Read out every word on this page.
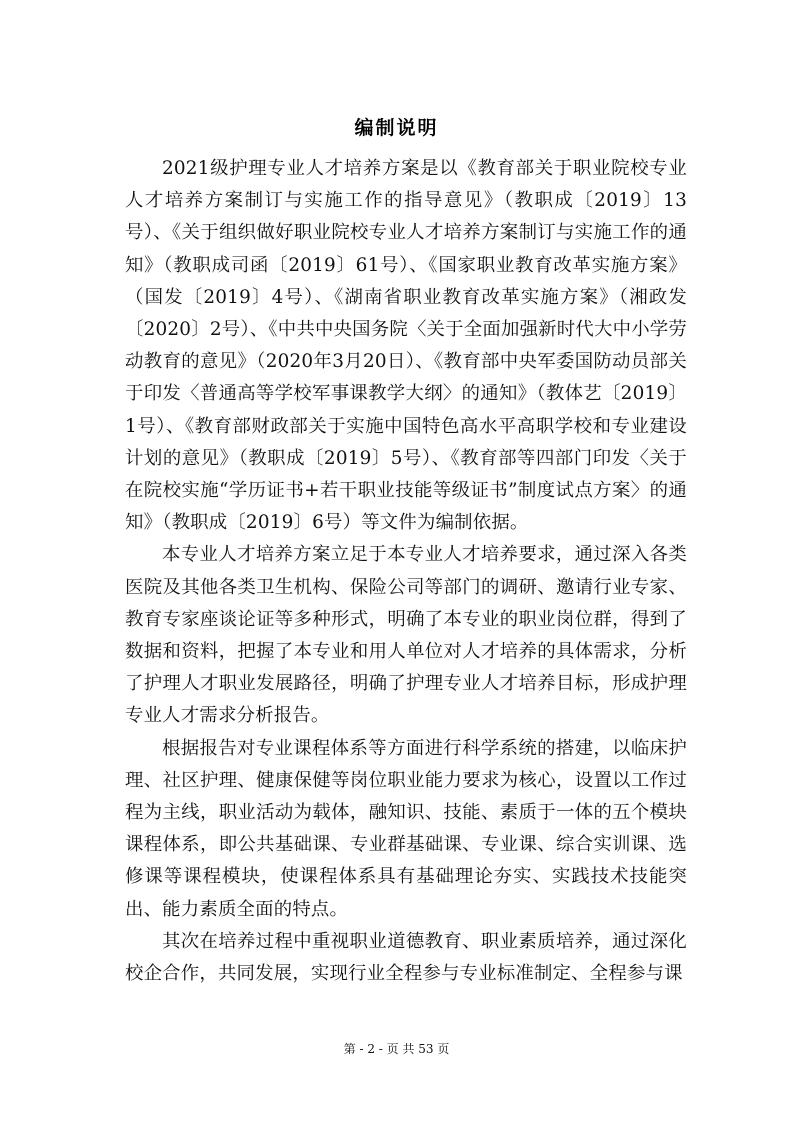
编制说明

2021级护理专业人才培养方案是以《教育部关于职业院校专业人才培养方案制订与实施工作的指导意见》（教职成〔2019〕13号）、《关于组织做好职业院校专业人才培养方案制订与实施工作的通知》（教职成司函〔2019〕61号）、《国家职业教育改革实施方案》（国发〔2019〕4号）、《湖南省职业教育改革实施方案》（湘政发〔2020〕2号）、《中共中央国务院〈关于全面加强新时代大中小学劳动教育的意见》（2020年3月20日）、《教育部中央军委国防动员部关于印发〈普通高等学校军事课教学大纲〉的通知》（教体艺〔2019〕1号）、《教育部财政部关于实施中国特色高水平高职学校和专业建设计划的意见》（教职成〔2019〕5号）、《教育部等四部门印发〈关于在院校实施“学历证书+若干职业技能等级证书”制度试点方案〉的通知》（教职成〔2019〕6号）等文件为编制依据。

本专业人才培养方案立足于本专业人才培养要求，通过深入各类医院及其他各类卫生机构、保险公司等部门的调研、邀请行业专家、教育专家座谈论证等多种形式，明确了本专业的职业岗位群，得到了数据和资料，把握了本专业和用人单位对人才培养的具体需求，分析了护理人才职业发展路径，明确了护理专业人才培养目标，形成护理专业人才需求分析报告。

根据报告对专业课程体系等方面进行科学系统的搭建，以临床护理、社区护理、健康保健等岗位职业能力要求为核心，设置以工作过程为主线，职业活动为载体，融知识、技能、素质于一体的五个模块课程体系，即公共基础课、专业群基础课、专业课、综合实训课、选修课等课程模块，使课程体系具有基础理论夯实、实践技术技能突出、能力素质全面的特点。

其次在培养过程中重视职业道德教育、职业素质培养，通过深化校企合作，共同发展，实现行业全程参与专业标准制定、全程参与课

第 - 2 - 页 共 53 页
